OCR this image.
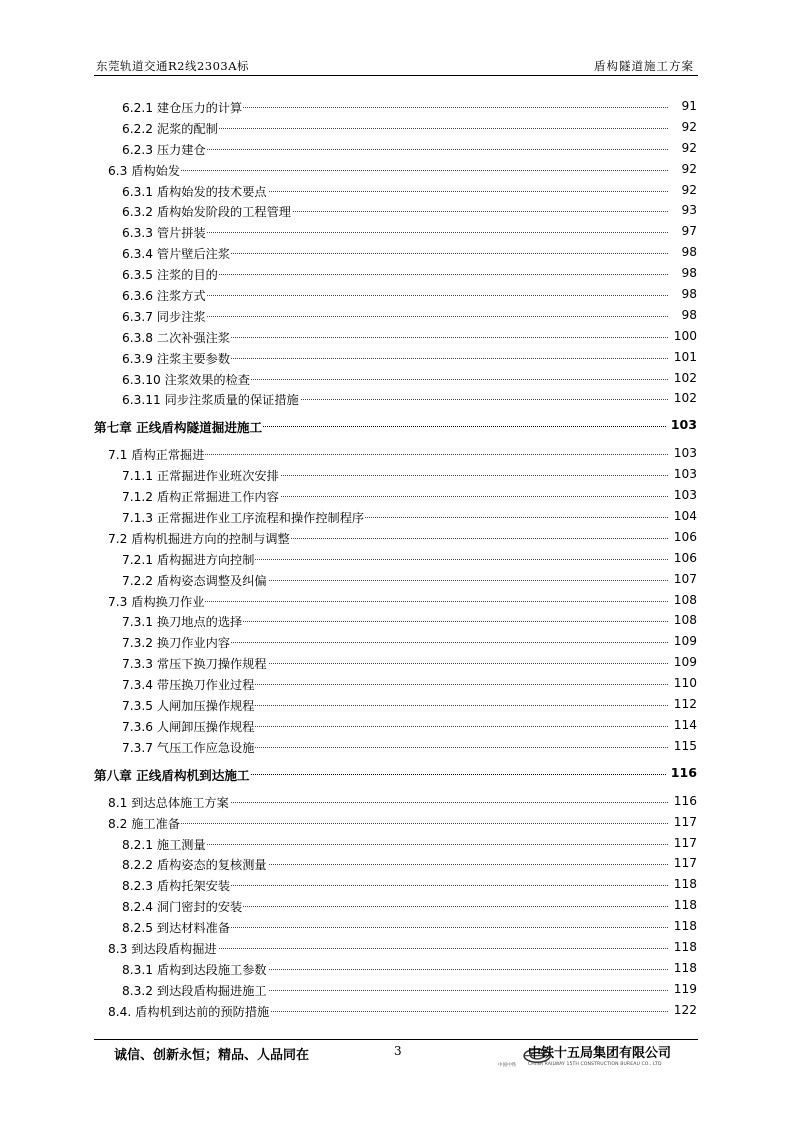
东莞轨道交通R2线2303A标	盾构隧道施工方案
6.2.1 建仓压力的计算	91
6.2.2 泥浆的配制	92
6.2.3 压力建仓	92
6.3 盾构始发	92
6.3.1 盾构始发的技术要点	92
6.3.2 盾构始发阶段的工程管理	93
6.3.3 管片拼装	97
6.3.4 管片壁后注浆	98
6.3.5 注浆的目的	98
6.3.6 注浆方式	98
6.3.7 同步注浆	98
6.3.8 二次补强注浆	100
6.3.9 注浆主要参数	101
6.3.10 注浆效果的检查	102
6.3.11 同步注浆质量的保证措施	102
第七章 正线盾构隧道掘进施工	103
7.1 盾构正常掘进	103
7.1.1 正常掘进作业班次安排	103
7.1.2 盾构正常掘进工作内容	103
7.1.3 正常掘进作业工序流程和操作控制程序	104
7.2 盾构机掘进方向的控制与调整	106
7.2.1 盾构掘进方向控制	106
7.2.2 盾构姿态调整及纠偏	107
7.3 盾构换刀作业	108
7.3.1 换刀地点的选择	108
7.3.2 换刀作业内容	109
7.3.3 常压下换刀操作规程	109
7.3.4 带压换刀作业过程	110
7.3.5 人闸加压操作规程	112
7.3.6 人闸卸压操作规程	114
7.3.7 气压工作应急设施	115
第八章 正线盾构机到达施工	116
8.1 到达总体施工方案	116
8.2 施工准备	117
8.2.1 施工测量	117
8.2.2 盾构姿态的复核测量	117
8.2.3 盾构托架安装	118
8.2.4 洞门密封的安装	118
8.2.5 到达材料准备	118
8.3 到达段盾构掘进	118
8.3.1 盾构到达段施工参数	118
8.3.2 到达段盾构掘进施工	119
8.4. 盾构机到达前的预防措施	122
诚信、创新永恒；精品、人品同在	3
中国中铁
中铁十五局集团有限公司
CHINA RAILWAY 15TH CONSTRUCTION BUREAU CO., LTD
